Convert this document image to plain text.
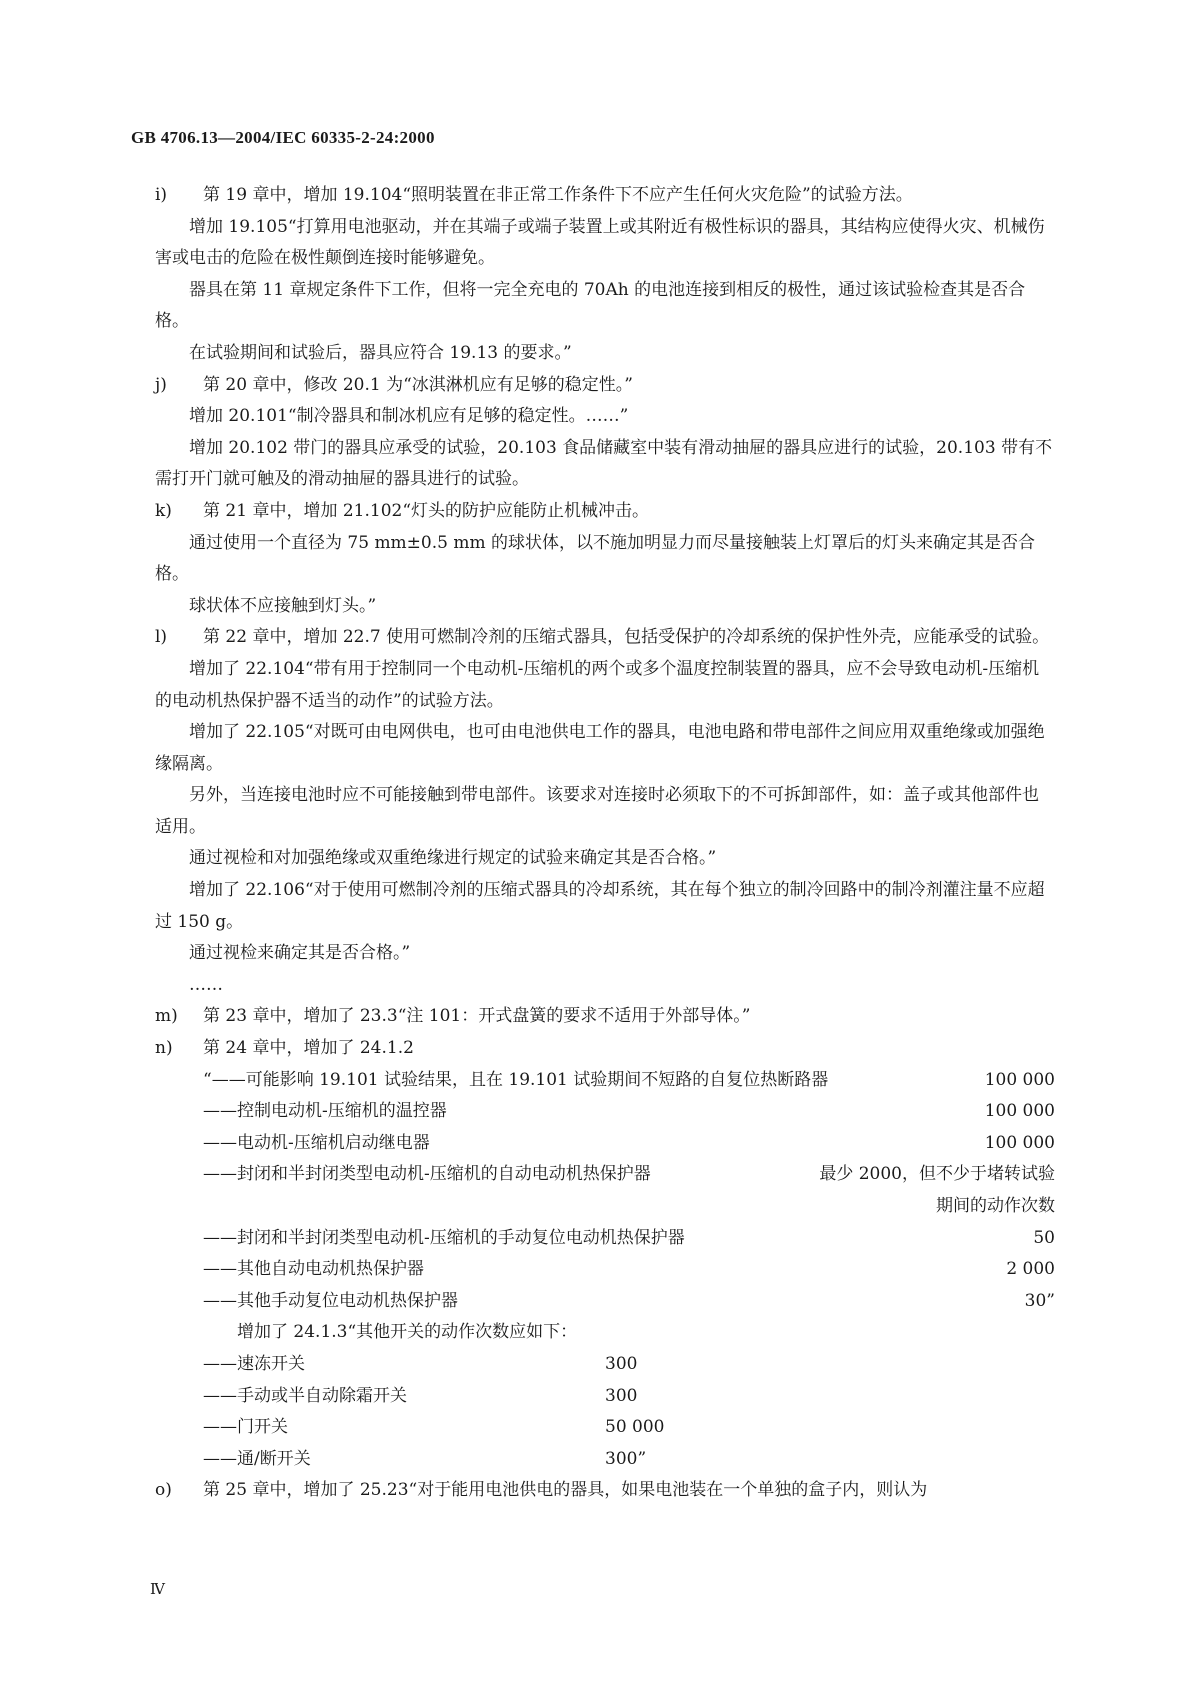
GB 4706.13—2004/IEC 60335-2-24:2000
i) 第 19 章中，增加 19.104“照明装置在非正常工作条件下不应产生任何火灾危险”的试验方法。
增加 19.105“打算用电池驱动，并在其端子或端子装置上或其附近有极性标识的器具，其结构应使得火灾、机械伤害或电击的危险在极性颠倒连接时能够避免。
器具在第 11 章规定条件下工作，但将一完全充电的 70Ah 的电池连接到相反的极性，通过该试验检查其是否合格。
在试验期间和试验后，器具应符合 19.13 的要求。”
j) 第 20 章中，修改 20.1 为“冰淇淋机应有足够的稳定性。”
增加 20.101“制冷器具和制冰机应有足够的稳定性。……”
增加 20.102 带门的器具应承受的试验，20.103 食品储藏室中装有滑动抽屉的器具应进行的试验，20.103 带有不需打开门就可触及的滑动抽屉的器具进行的试验。
k) 第 21 章中，增加 21.102“灯头的防护应能防止机械冲击。
通过使用一个直径为 75 mm±0.5 mm 的球状体，以不施加明显力而尽量接触装上灯罩后的灯头来确定其是否合格。
球状体不应接触到灯头。”
l) 第 22 章中，增加 22.7 使用可燃制冷剂的压缩式器具，包括受保护的冷却系统的保护性外壳，应能承受的试验。
增加了 22.104“带有用于控制同一个电动机-压缩机的两个或多个温度控制装置的器具，应不会导致电动机-压缩机的电动机热保护器不适当的动作”的试验方法。
增加了 22.105“对既可由电网供电，也可由电池供电工作的器具，电池电路和带电部件之间应用双重绝缘或加强绝缘隔离。
另外，当连接电池时应不可能接触到带电部件。该要求对连接时必须取下的不可拆卸部件，如：盖子或其他部件也适用。
通过视检和对加强绝缘或双重绝缘进行规定的试验来确定其是否合格。”
增加了 22.106“对于使用可燃制冷剂的压缩式器具的冷却系统，其在每个独立的制冷回路中的制冷剂灌注量不应超过 150 g。
通过视检来确定其是否合格。”
……
m) 第 23 章中，增加了 23.3“注 101：开式盘簧的要求不适用于外部导体。”
n) 第 24 章中，增加了 24.1.2
“——可能影响 19.101 试验结果，且在 19.101 试验期间不短路的自复位热断路器	100 000
——控制电动机-压缩机的温控器	100 000
——电动机-压缩机启动继电器	100 000
——封闭和半封闭类型电动机-压缩机的自动电动机热保护器	最少 2000，但不少于堵转试验
期间的动作次数
——封闭和半封闭类型电动机-压缩机的手动复位电动机热保护器	50
——其他自动电动机热保护器	2 000
——其他手动复位电动机热保护器	30”
增加了 24.1.3“其他开关的动作次数应如下：
——速冻开关	300
——手动或半自动除霜开关	300
——门开关	50 000
——通/断开关	300”
o) 第 25 章中，增加了 25.23“对于能用电池供电的器具，如果电池装在一个单独的盒子内，则认为
Ⅳ
